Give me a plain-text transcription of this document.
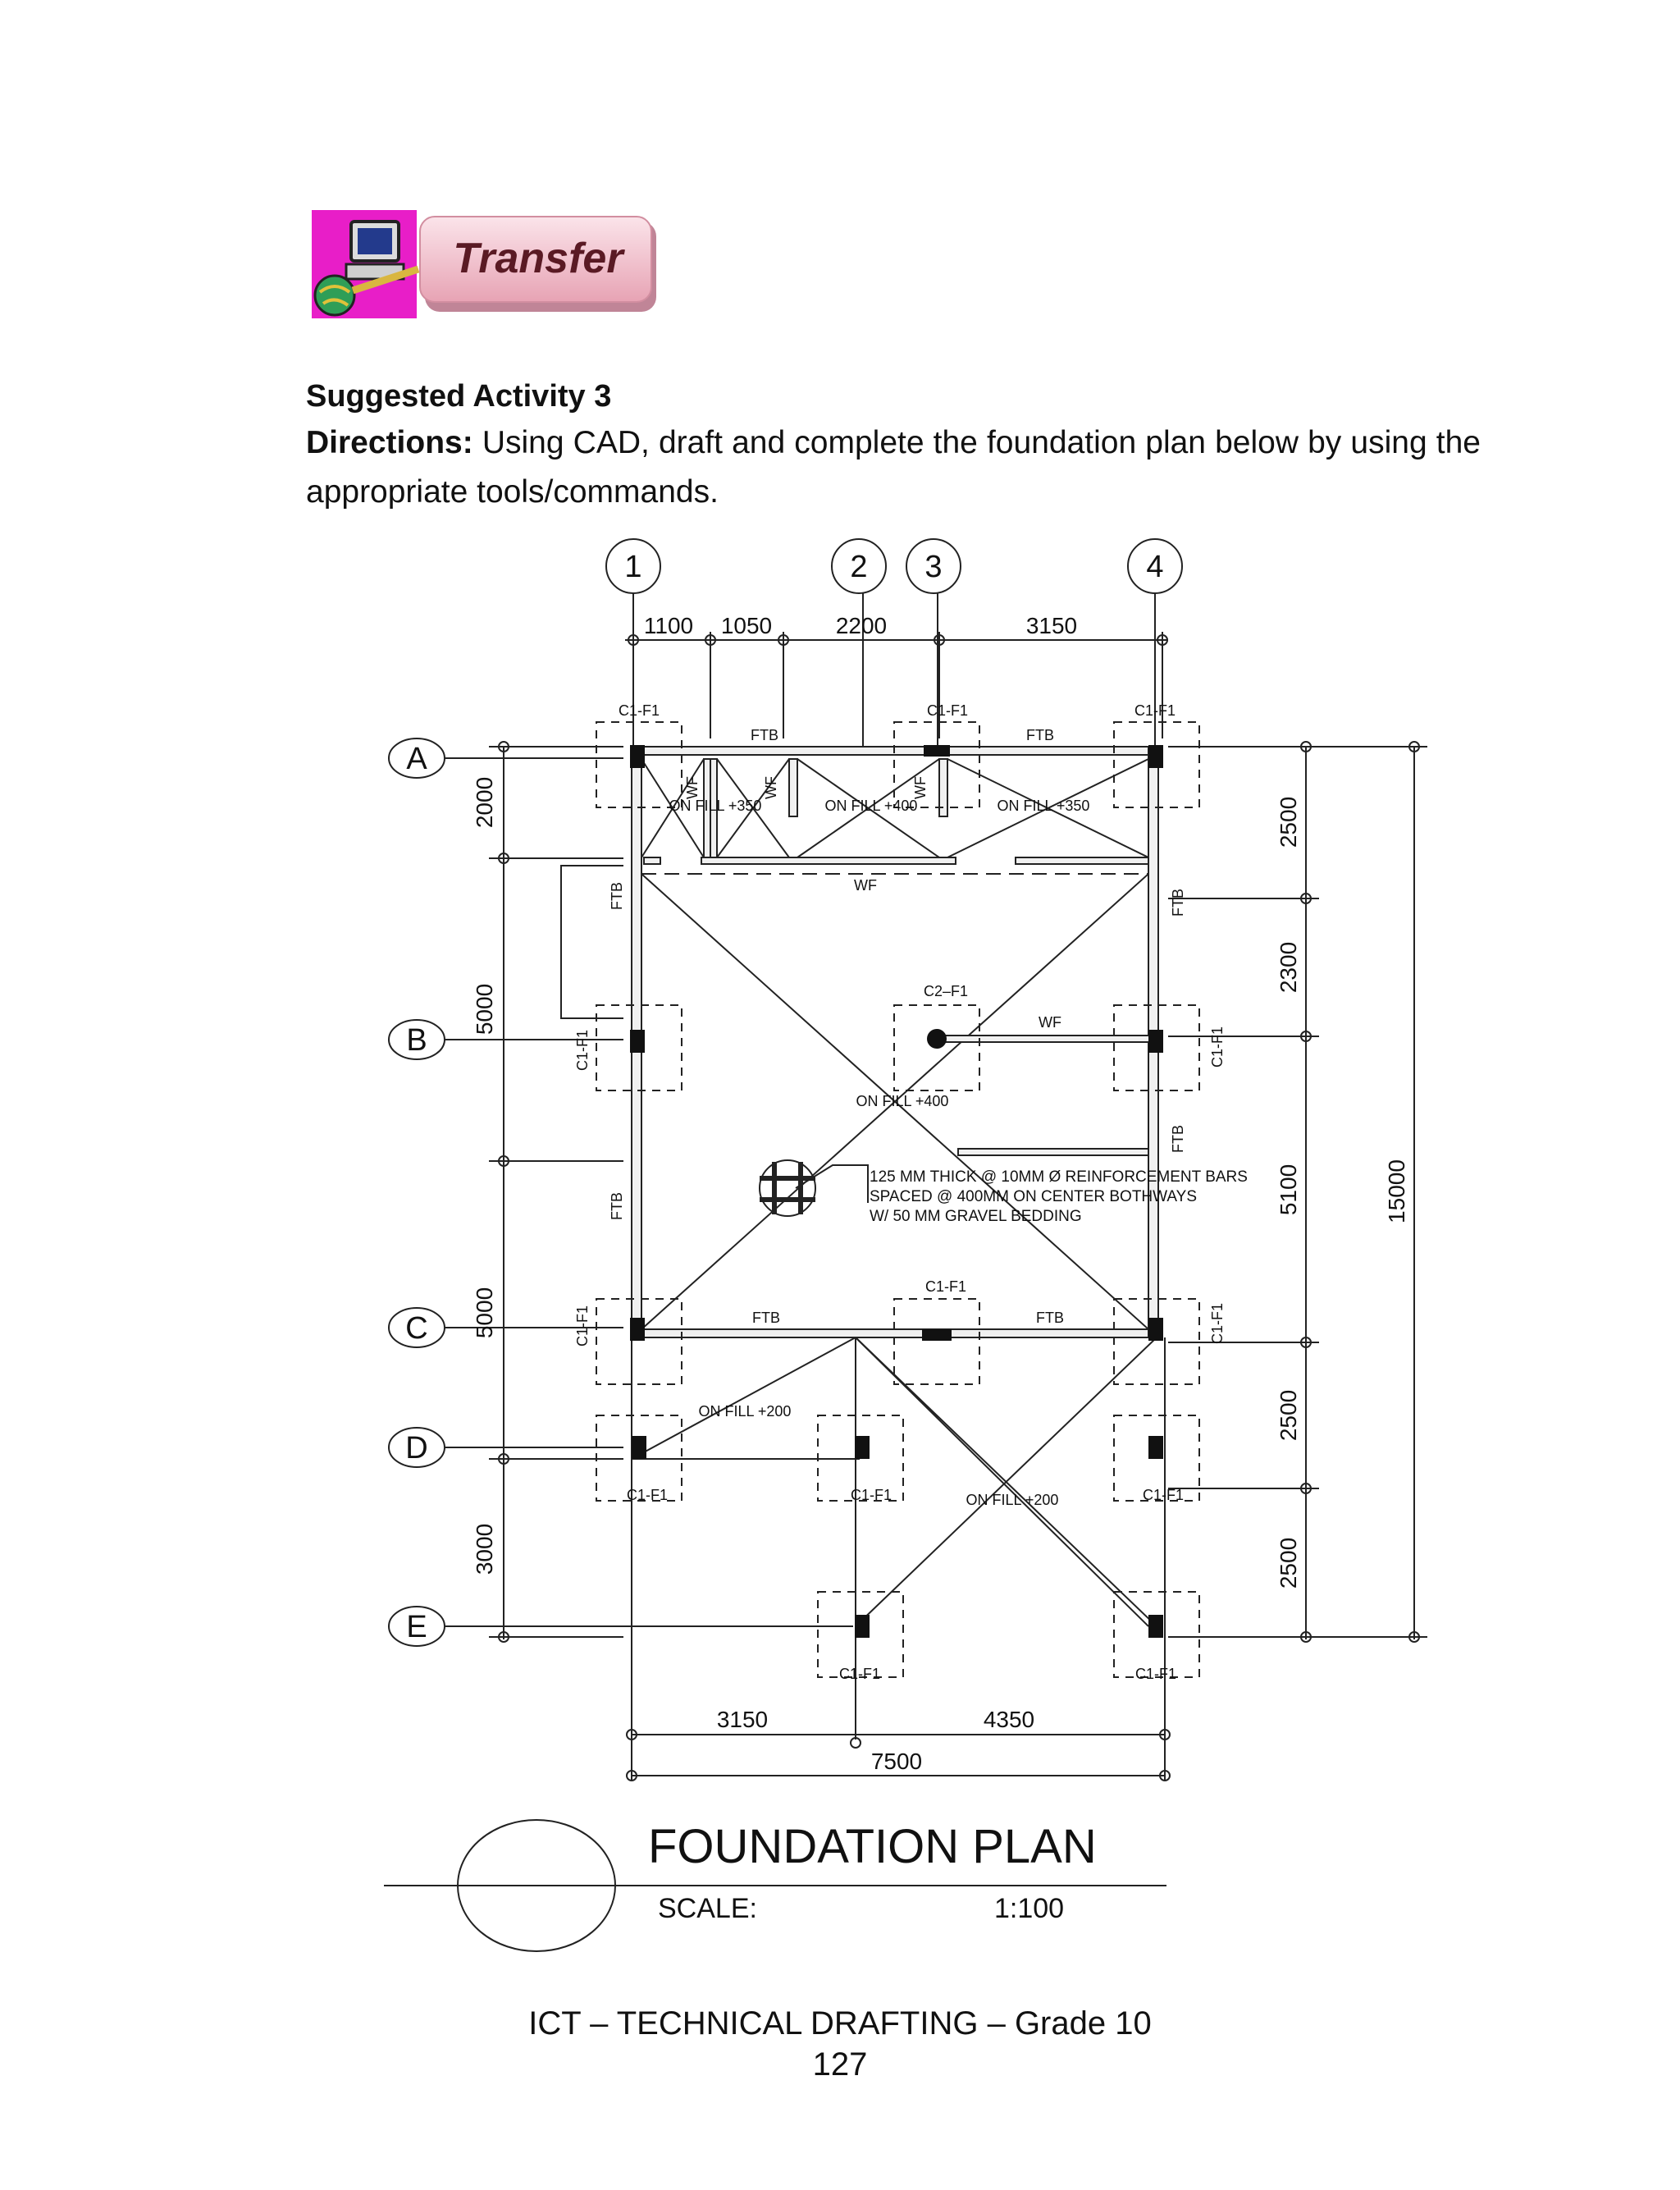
Transfer
Suggested Activity 3
Directions: Using CAD, draft and complete the foundation plan below by using the appropriate tools/commands.
1	2 3	4
A
B
C
D
E
1100 1050	2200	3150
2000
5000
5000
3000
2500
2300
5100
2500
2500
15000
3150	4350
7500
C1-F1	C1-F1	C1-F1
C2–F1
C1-F1
C1-F1	C1-F1	C1-F1
C1-F1	C1-F1
C1-F1
C1-F1
C1-F1
C1-F1
FTB	FTB
FTB	FTB
FTB
FTB
FTB
FTB
WF
WF
WF	WF	WF
ON FILL +350	ON FILL +400	ON FILL +350
ON FILL +400
ON FILL +200
ON FILL +200
125 MM THICK @ 10MM Ø REINFORCEMENT BARS
SPACED @ 400MM ON CENTER BOTHWAYS
W/ 50 MM GRAVEL BEDDING
FOUNDATION PLAN
SCALE:	1:100
ICT – TECHNICAL DRAFTING – Grade 10
127
